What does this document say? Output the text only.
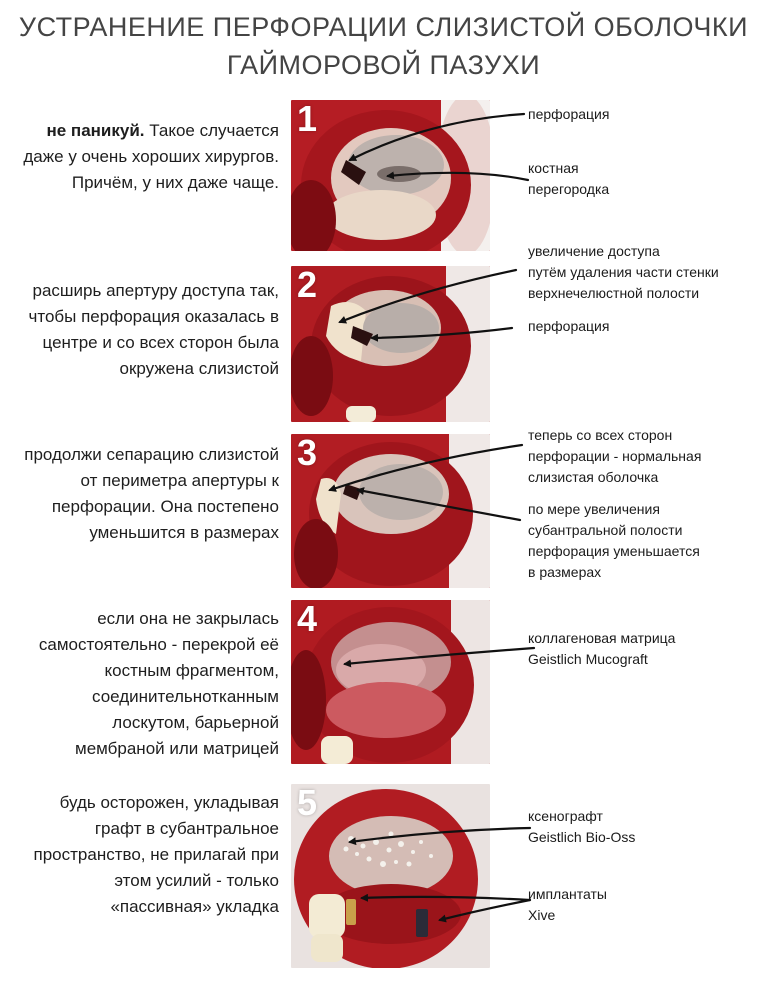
УСТРАНЕНИЕ ПЕРФОРАЦИИ СЛИЗИСТОЙ ОБОЛОЧКИ
ГАЙМОРОВОЙ ПАЗУХИ
не паникуй. Такое случается даже у очень хороших хирургов. Причём, у них даже чаще.
1	перфорация
костная
перегородка
расширь апертуру доступа так, чтобы перфорация оказалась в центре и со всех сторон была окружена слизистой
2
увеличение доступа
путём удаления части стенки
верхнечелюстной полости
перфорация
продолжи сепарацию слизистой от периметра апертуры к перфорации. Она постепено уменьшится в размерах
3	теперь со всех сторон
перфорации - нормальная
слизистая оболочка
по мере увеличения
субантральной полости
перфорация уменьшается
в размерах
если она не закрылась самостоятельно - перекрой её костным фрагментом, соединительнотканным лоскутом, барьерной мембраной или матрицей
4	коллагеновая матрица
Geistlich Mucograft
будь осторожен, укладывая графт в субантральное пространство, не прилагай при этом усилий - только «пассивная» укладка
5	ксенографт
Geistlich Bio-Oss
имплантаты
Xive
